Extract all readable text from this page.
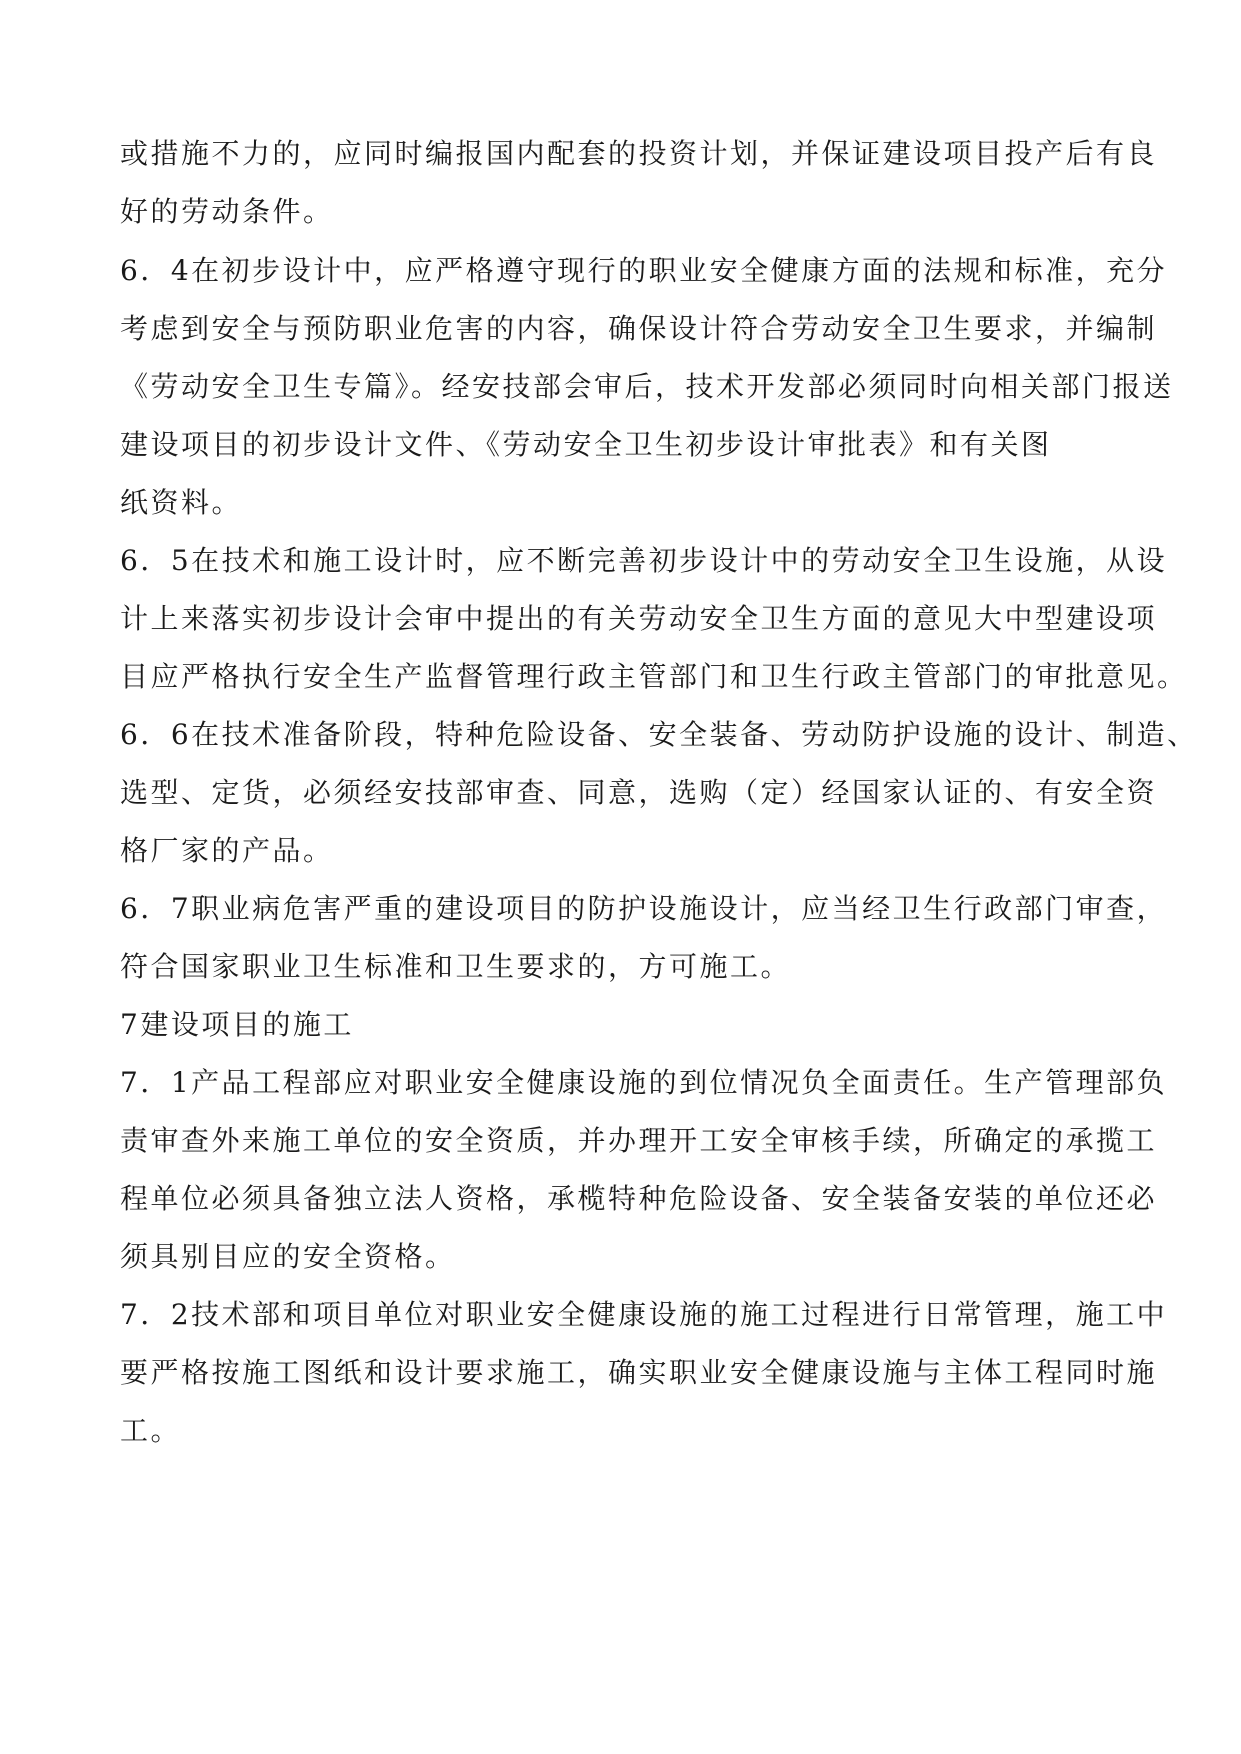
或措施不力的，应同时编报国内配套的投资计划，并保证建设项目投产后有良

好的劳动条件。

6．4在初步设计中，应严格遵守现行的职业安全健康方面的法规和标准，充分

考虑到安全与预防职业危害的内容，确保设计符合劳动安全卫生要求，并编制

《劳动安全卫生专篇》。经安技部会审后，技术开发部必须同时向相关部门报送

建设项目的初步设计文件、《劳动安全卫生初步设计审批表》和有关图

纸资料。

6．5在技术和施工设计时，应不断完善初步设计中的劳动安全卫生设施，从设

计上来落实初步设计会审中提出的有关劳动安全卫生方面的意见大中型建设项

目应严格执行安全生产监督管理行政主管部门和卫生行政主管部门的审批意见。

6．6在技术准备阶段，特种危险设备、安全装备、劳动防护设施的设计、制造、

选型、定货，必须经安技部审查、同意，选购（定）经国家认证的、有安全资

格厂家的产品。

6．7职业病危害严重的建设项目的防护设施设计，应当经卫生行政部门审查，

符合国家职业卫生标准和卫生要求的，方可施工。

7建设项目的施工

7．1产品工程部应对职业安全健康设施的到位情况负全面责任。生产管理部负

责审查外来施工单位的安全资质，并办理开工安全审核手续，所确定的承揽工

程单位必须具备独立法人资格，承榄特种危险设备、安全装备安装的单位还必

须具别目应的安全资格。

7．2技术部和项目单位对职业安全健康设施的施工过程进行日常管理，施工中

要严格按施工图纸和设计要求施工，确实职业安全健康设施与主体工程同时施

工。
